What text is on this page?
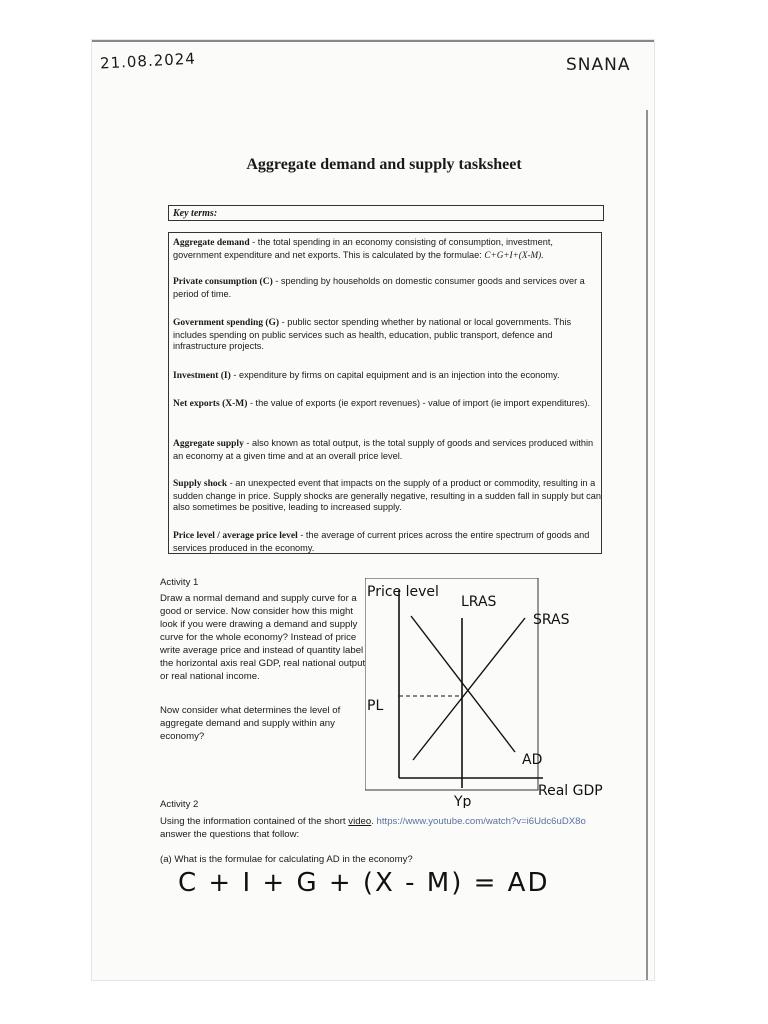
21.08.2024	SNANA
Aggregate demand and supply tasksheet
Key terms:
Aggregate demand - the total spending in an economy consisting of consumption, investment, government expenditure and net exports. This is calculated by the formulae: C+G+I+(X-M).
Private consumption (C) - spending by households on domestic consumer goods and services over a period of time.
Government spending (G) - public sector spending whether by national or local governments. This includes spending on public services such as health, education, public transport, defence and infrastructure projects.
Investment (I) - expenditure by firms on capital equipment and is an injection into the economy.
Net exports (X-M) - the value of exports (ie export revenues) - value of import (ie import expenditures).
Aggregate supply - also known as total output, is the total supply of goods and services produced within an economy at a given time and at an overall price level.
Supply shock - an unexpected event that impacts on the supply of a product or commodity, resulting in a sudden change in price. Supply shocks are generally negative, resulting in a sudden fall in supply but can also sometimes be positive, leading to increased supply.
Price level / average price level - the average of current prices across the entire spectrum of goods and services produced in the economy.
Activity 1
Draw a normal demand and supply curve for a good or service. Now consider how this might look if you were drawing a demand and supply curve for the whole economy? Instead of price write average price and instead of quantity label the horizontal axis real GDP, real national output or real national income.
Now consider what determines the level of aggregate demand and supply within any economy?
Price level
LRAS
SRAS
AD
PL
Real GDP
Yp
Activity 2
Using the information contained of the short video. https://www.youtube.com/watch?v=i6Udc6uDX8o answer the questions that follow:
(a) What is the formulae for calculating AD in the economy?
C + I + G + (X - M) = AD
